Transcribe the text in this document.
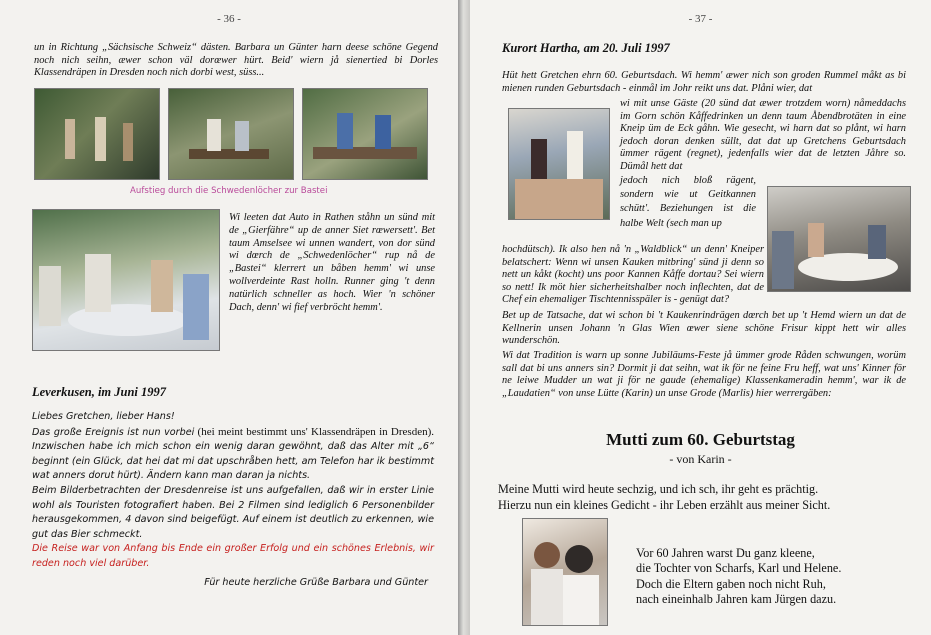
- 36 -
un in Richtung „Sächsische Schweiz“ dästen. Barbara un Günter harn deese schöne Gegend noch nich seihn, æwer schon väl dorœwer hürt. Beid' wiern jå sienertied bi Dorles Klassendräpen in Dresden noch nich dorbi west, süss...
Aufstieg durch die Schwedenlöcher zur Bastei
Wi leeten dat Auto in Rathen ståhn un sünd mit de „Gierfähre“ up de anner Siet rœwersett'. Bet taum Amselsee wi unnen wandert, von dor sünd wi dœrch de „Schwedenlöcher“ rup nå de „Bastei“ klerrert un båben hemm' wi unse wollverdeinte Rast holln. Runner ging 't denn natürlich schneller as hoch. Wier 'n schöner Dach, denn' wi fief verbröcht hemm'.
Leverkusen, im Juni 1997
Liebes Gretchen, lieber Hans!
Das große Ereignis ist nun vorbei (hei meint bestimmt uns' Klassendräpen in Dresden). Inzwischen habe ich mich schon ein wenig daran gewöhnt, daß das Alter mit „6“ beginnt (ein Glück, dat hei dat mi dat upschråben hett, am Telefon har ik bestimmt wat anners dorut hürt). Ändern kann man daran ja nichts.
Beim Bilderbetrachten der Dresdenreise ist uns aufgefallen, daß wir in erster Linie wohl als Touristen fotografiert haben. Bei 2 Filmen sind lediglich 6 Personenbilder herausgekommen, 4 davon sind beigefügt. Auf einem ist deutlich zu erkennen, wie gut das Bier schmeckt.
Die Reise war von Anfang bis Ende ein großer Erfolg und ein schönes Erlebnis, wir reden noch viel darüber.
Für heute herzliche Grüße Barbara und Günter
- 37 -
Kurort Hartha, am 20. Juli 1997
Hüt hett Gretchen ehrn 60. Geburtsdach. Wi hemm' æwer nich son groden Rummel måkt as bi mienen runden Geburtsdach - einmål im Johr reikt uns dat. Plåni wier, dat
wi mit unse Gäste (20 sünd dat æwer trotzdem worn) nåmeddachs im Gorn schön Kåffedrinken un denn taum Åbendbrotäten in eine Kneip üm de Eck gåhn. Wie gesecht, wi harn dat so plånt, wi harn jedoch doran denken süllt, dat dat up Gretchens Geburtsdach ümmer rägent (regnet), jedenfalls wier dat de letzten Jåhre so. Dümål hett dat
jedoch nich bloß rägent, sondern wie ut Geitkannen schütt'. Beziehungen ist die halbe Welt (sech man up
hochdütsch). Ik also hen nå 'n „Waldblick“ un denn' Kneiper belatschert: Wenn wi unsen Kauken mitbring' sünd ji denn so nett un kåkt (kocht) uns poor Kannen Kåffe dortau? Sei wiern so nett! Ik möt hier sicherheitshalber noch inflechten, dat de Chef ein ehemaliger Tischtennisspäler is - genügt dat?
Bet up de Tatsache, dat wi schon bi 't Kaukenrindrägen dœrch bet up 't Hemd wiern un dat de Kellnerin unsen Johann 'n Glas Wien œwer siene schöne Frisur kippt hett wir alles wunderschön.
Wi dat Tradition is warn up sonne Jubiläums-Feste jå ümmer grode Råden schwungen, worüm sall dat bi uns anners sin? Dormit ji dat seihn, wat ik för ne feine Fru heff, wat uns' Kinner för ne leiwe Mudder un wat ji för ne gaude (ehemalige) Klassenkameradin hemm', war ik de „Laudatien“ von unse Lütte (Karin) un unse Grode (Marlis) hier werrergäben:
Mutti zum 60. Geburtstag
- von Karin -
Meine Mutti wird heute sechzig, und ich sch, ihr geht es prächtig.
Hierzu nun ein kleines Gedicht - ihr Leben erzählt aus meiner Sicht.
Vor 60 Jahren warst Du ganz kleene,
die Tochter von Scharfs, Karl und Helene.
Doch die Eltern gaben noch nicht Ruh,
nach eineinhalb Jahren kam Jürgen dazu.
